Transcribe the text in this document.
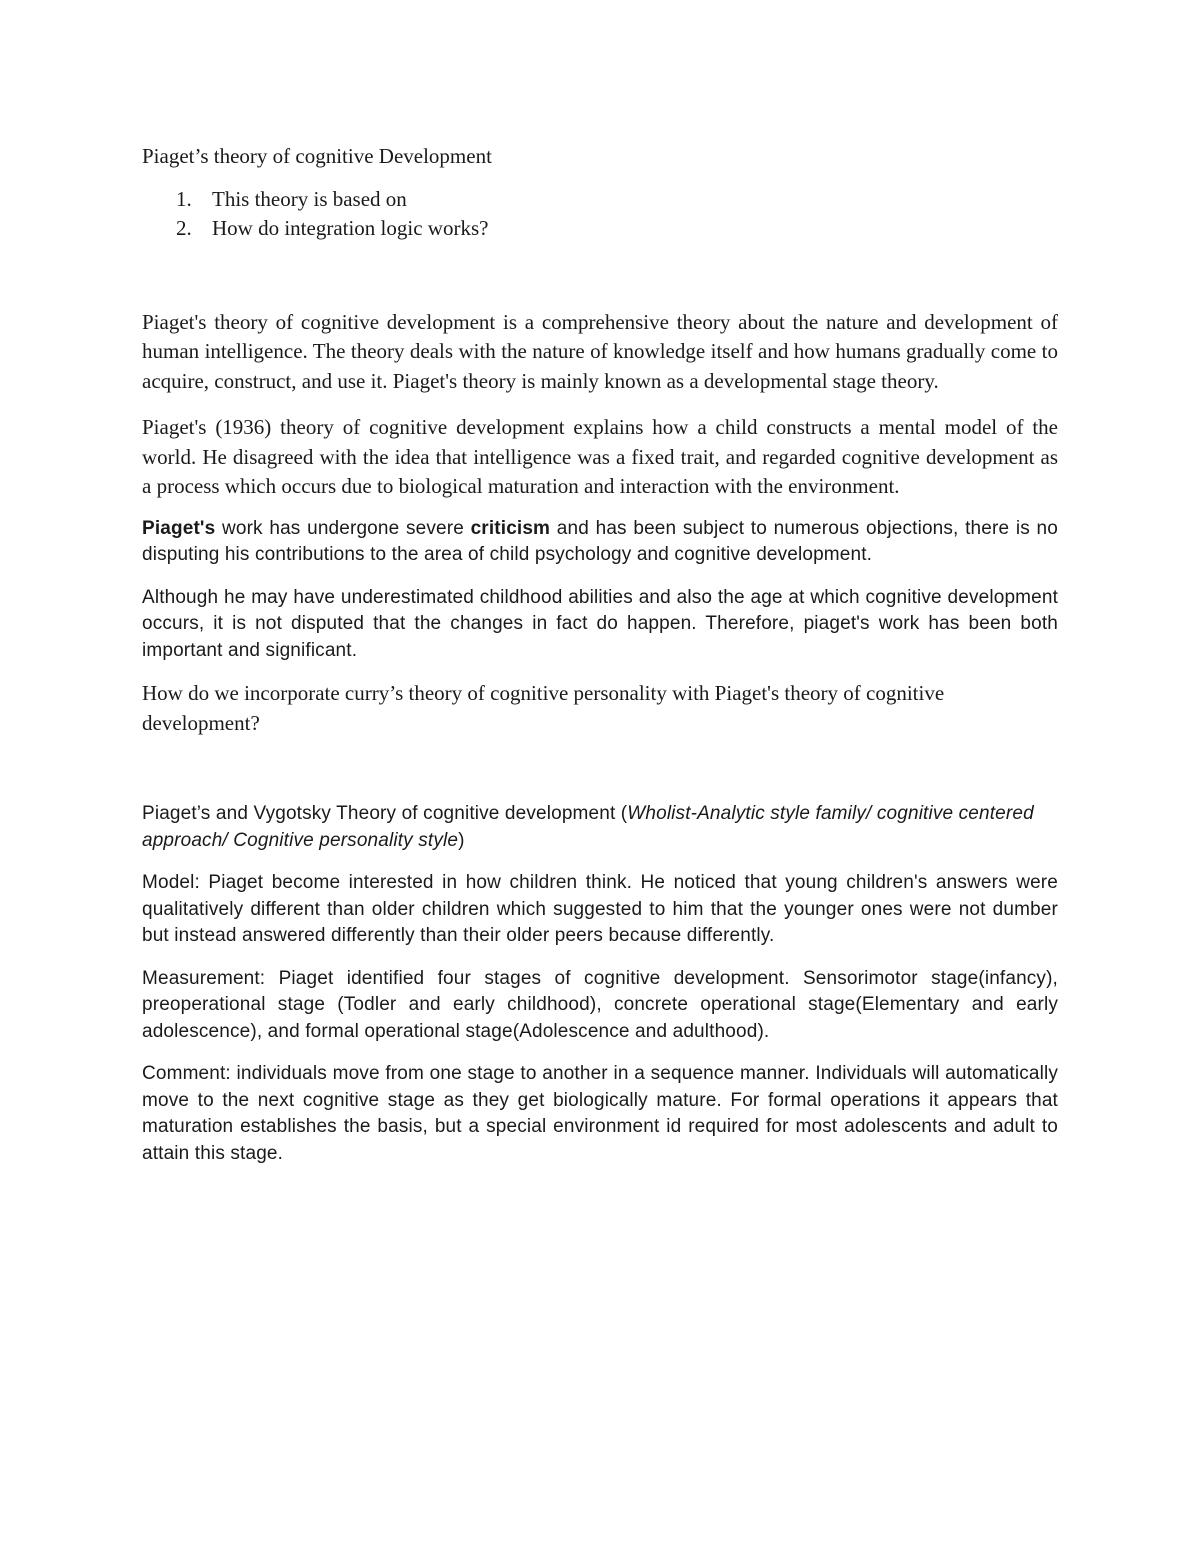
Piaget’s theory of cognitive Development

1. This theory is based on
2. How do integration logic works?

Piaget's theory of cognitive development is a comprehensive theory about the nature and development of human intelligence. The theory deals with the nature of knowledge itself and how humans gradually come to acquire, construct, and use it. Piaget's theory is mainly known as a developmental stage theory.

Piaget's (1936) theory of cognitive development explains how a child constructs a mental model of the world. He disagreed with the idea that intelligence was a fixed trait, and regarded cognitive development as a process which occurs due to biological maturation and interaction with the environment.

Piaget's work has undergone severe criticism and has been subject to numerous objections, there is no disputing his contributions to the area of child psychology and cognitive development.

Although he may have underestimated childhood abilities and also the age at which cognitive development occurs, it is not disputed that the changes in fact do happen. Therefore, piaget's work has been both important and significant.

How do we incorporate curry’s theory of cognitive personality with Piaget's theory of cognitive development?

Piaget’s and Vygotsky Theory of cognitive development (Wholist-Analytic style family/ cognitive centered approach/ Cognitive personality style)

Model: Piaget become interested in how children think. He noticed that young children's answers were qualitatively different than older children which suggested to him that the younger ones were not dumber but instead answered differently than their older peers because differently.

Measurement: Piaget identified four stages of cognitive development. Sensorimotor stage(infancy), preoperational stage (Todler and early childhood), concrete operational stage(Elementary and early adolescence), and formal operational stage(Adolescence and adulthood).

Comment: individuals move from one stage to another in a sequence manner. Individuals will automatically move to the next cognitive stage as they get biologically mature. For formal operations it appears that maturation establishes the basis, but a special environment id required for most adolescents and adult to attain this stage.
